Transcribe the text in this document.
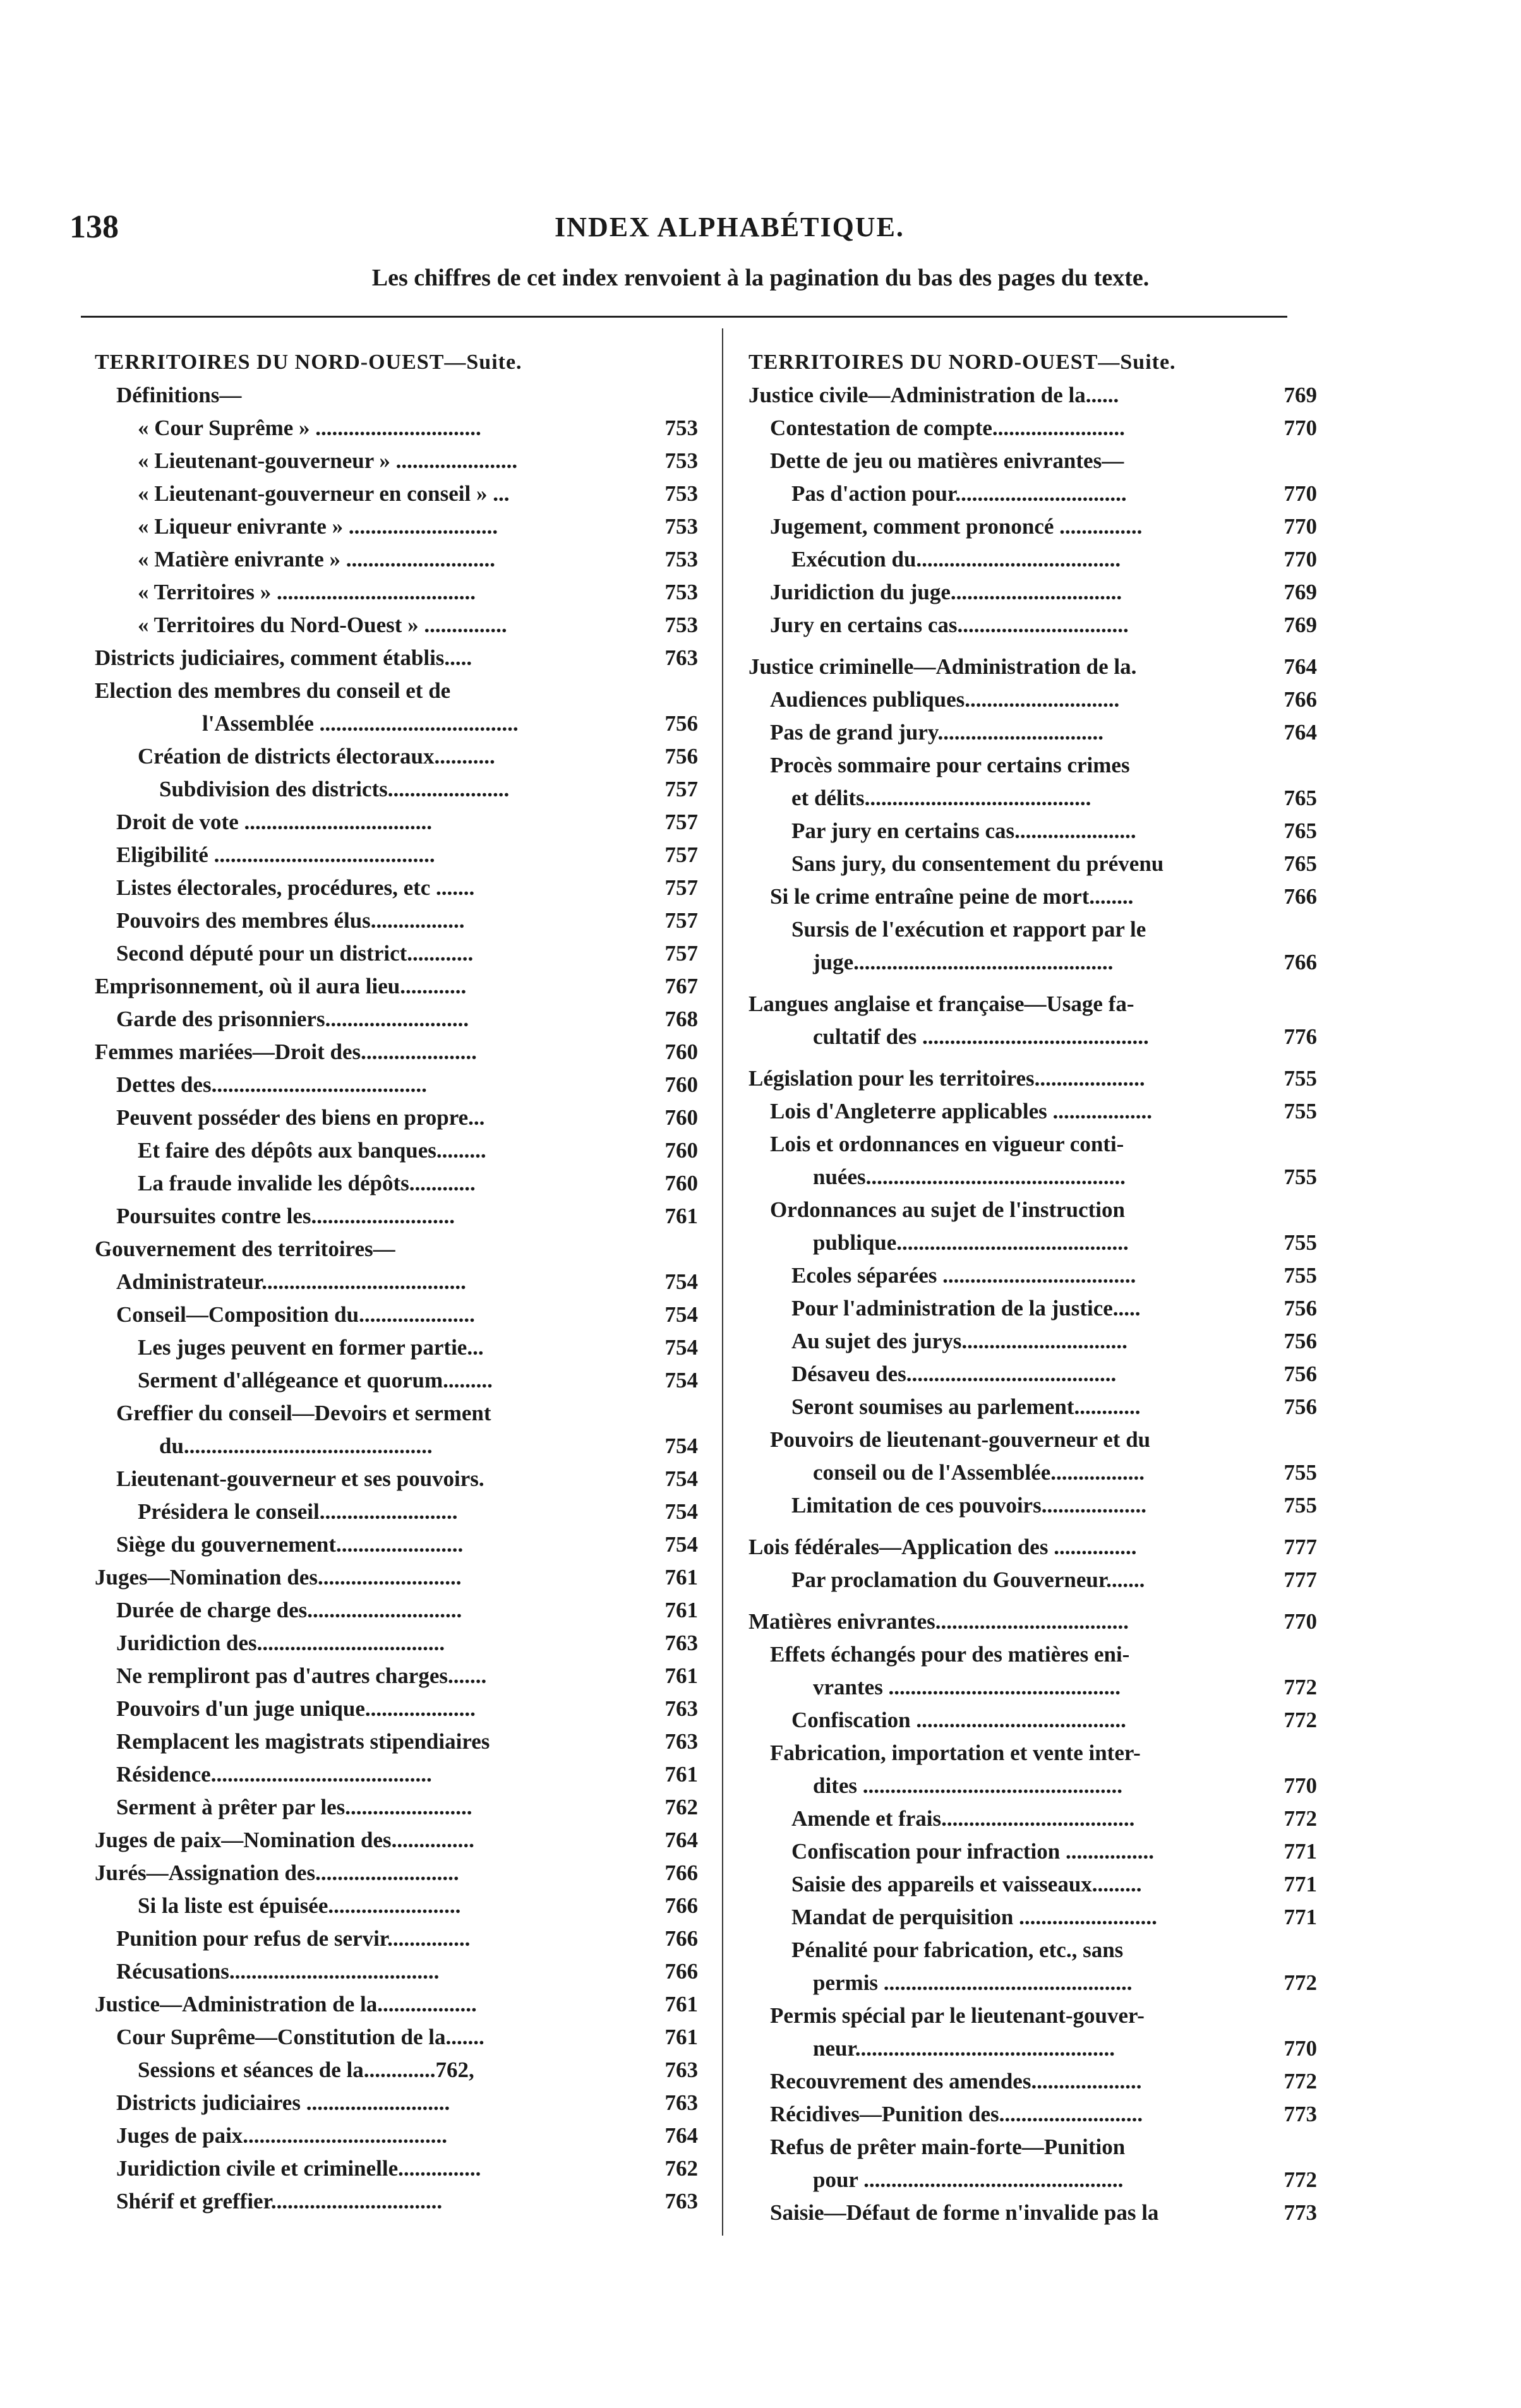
138	INDEX ALPHABÉTIQUE.
Les chiffres de cet index renvoient à la pagination du bas des pages du texte.
TERRITOIRES DU NORD-OUEST—Suite.
Définitions—
« Cour Suprême » ..............................	753
« Lieutenant-gouverneur » ......................	753
« Lieutenant-gouverneur en conseil » ...	753
« Liqueur enivrante » ...........................	753
« Matière enivrante » ...........................	753
« Territoires » ....................................	753
« Territoires du Nord-Ouest » ...............	753
Districts judiciaires, comment établis.....	763
Election des membres du conseil et de
l'Assemblée ....................................	756
Création de districts électoraux...........	756
Subdivision des districts......................	757
Droit de vote ..................................	757
Eligibilité ........................................	757
Listes électorales, procédures, etc .......	757
Pouvoirs des membres élus.................	757
Second député pour un district............	757
Emprisonnement, où il aura lieu............	767
Garde des prisonniers..........................	768
Femmes mariées—Droit des.....................	760
Dettes des.......................................	760
Peuvent posséder des biens en propre...	760
Et faire des dépôts aux banques.........	760
La fraude invalide les dépôts............	760
Poursuites contre les..........................	761
Gouvernement des territoires—
Administrateur.....................................	754
Conseil—Composition du.....................	754
Les juges peuvent en former partie...	754
Serment d'allégeance et quorum.........	754
Greffier du conseil—Devoirs et serment
du.............................................	754
Lieutenant-gouverneur et ses pouvoirs.	754
Présidera le conseil.........................	754
Siège du gouvernement.......................	754
Juges—Nomination des..........................	761
Durée de charge des............................	761
Juridiction des..................................	763
Ne rempliront pas d'autres charges.......	761
Pouvoirs d'un juge unique....................	763
Remplacent les magistrats stipendiaires	763
Résidence........................................	761
Serment à prêter par les.......................	762
Juges de paix—Nomination des...............	764
Jurés—Assignation des..........................	766
Si la liste est épuisée........................	766
Punition pour refus de servir...............	766
Récusations......................................	766
Justice—Administration de la..................	761
Cour Suprême—Constitution de la.......	761
Sessions et séances de la.............762,	763
Districts judiciaires ..........................	763
Juges de paix.....................................	764
Juridiction civile et criminelle...............	762
Shérif et greffier...............................	763
TERRITOIRES DU NORD-OUEST—Suite.
Justice civile—Administration de la......	769
Contestation de compte........................	770
Dette de jeu ou matières enivrantes—
Pas d'action pour...............................	770
Jugement, comment prononcé ...............	770
Exécution du.....................................	770
Juridiction du juge...............................	769
Jury en certains cas...............................	769
Justice criminelle—Administration de la.	764
Audiences publiques............................	766
Pas de grand jury..............................	764
Procès sommaire pour certains crimes
et délits.........................................	765
Par jury en certains cas......................	765
Sans jury, du consentement du prévenu	765
Si le crime entraîne peine de mort........	766
Sursis de l'exécution et rapport par le
juge...............................................	766
Langues anglaise et française—Usage fa-
cultatif des .........................................	776
Législation pour les territoires....................	755
Lois d'Angleterre applicables ..................	755
Lois et ordonnances en vigueur conti-
nuées...............................................	755
Ordonnances au sujet de l'instruction
publique..........................................	755
Ecoles séparées ...................................	755
Pour l'administration de la justice.....	756
Au sujet des jurys..............................	756
Désaveu des......................................	756
Seront soumises au parlement............	756
Pouvoirs de lieutenant-gouverneur et du
conseil ou de l'Assemblée.................	755
Limitation de ces pouvoirs...................	755
Lois fédérales—Application des ...............	777
Par proclamation du Gouverneur.......	777
Matières enivrantes...................................	770
Effets échangés pour des matières eni-
vrantes ..........................................	772
Confiscation ......................................	772
Fabrication, importation et vente inter-
dites ...............................................	770
Amende et frais...................................	772
Confiscation pour infraction ................	771
Saisie des appareils et vaisseaux.........	771
Mandat de perquisition .........................	771
Pénalité pour fabrication, etc., sans
permis .............................................	772
Permis spécial par le lieutenant-gouver-
neur...............................................	770
Recouvrement des amendes....................	772
Récidives—Punition des..........................	773
Refus de prêter main-forte—Punition
pour ...............................................	772
Saisie—Défaut de forme n'invalide pas la	773
